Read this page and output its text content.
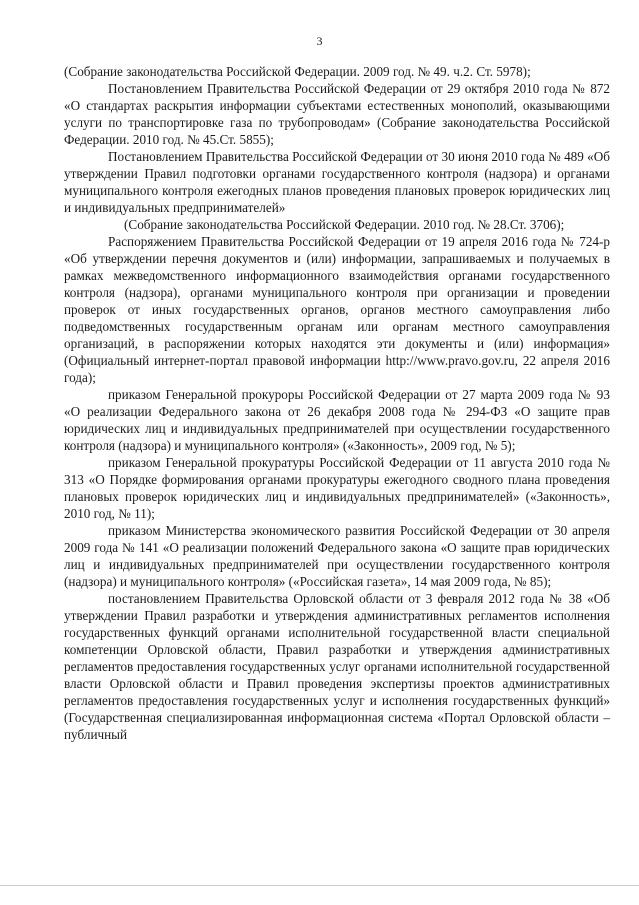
3

(Собрание законодательства Российской Федерации. 2009 год. № 49. ч.2. Ст. 5978);

Постановлением Правительства Российской Федерации от 29 октября 2010 года № 872 «О стандартах раскрытия информации субъектами естественных монополий, оказывающими услуги по транспортировке газа по трубопроводам» (Собрание законодательства Российской Федерации. 2010 год. № 45.Ст. 5855);

Постановлением Правительства Российской Федерации от 30 июня 2010 года № 489 «Об утверждении Правил подготовки органами государственного контроля (надзора) и органами муниципального контроля ежегодных планов проведения плановых проверок юридических лиц и индивидуальных предпринимателей»

(Собрание законодательства Российской Федерации. 2010 год. № 28.Ст. 3706);

Распоряжением Правительства Российской Федерации от 19 апреля 2016 года № 724-р «Об утверждении перечня документов и (или) информации, запрашиваемых и получаемых в рамках межведомственного информационного взаимодействия органами государственного контроля (надзора), органами муниципального контроля при организации и проведении проверок от иных государственных органов, органов местного самоуправления либо подведомственных государственным органам или органам местного самоуправления организаций, в распоряжении которых находятся эти документы и (или) информация» (Официальный интернет-портал правовой информации http://www.pravo.gov.ru, 22 апреля 2016 года);

приказом Генеральной прокуроры Российской Федерации от 27 марта 2009 года № 93 «О реализации Федерального закона от 26 декабря 2008 года № 294-ФЗ «О защите прав юридических лиц и индивидуальных предпринимателей при осуществлении государственного контроля (надзора) и муниципального контроля» («Законность», 2009 год, № 5);

приказом Генеральной прокуратуры Российской Федерации от 11 августа 2010 года № 313 «О Порядке формирования органами прокуратуры ежегодного сводного плана проведения плановых проверок юридических лиц и индивидуальных предпринимателей» («Законность», 2010 год, № 11);

приказом Министерства экономического развития Российской Федерации от 30 апреля 2009 года № 141 «О реализации положений Федерального закона «О защите прав юридических лиц и индивидуальных предпринимателей при осуществлении государственного контроля (надзора) и муниципального контроля» («Российская газета», 14 мая 2009 года, № 85);

постановлением Правительства Орловской области от 3 февраля 2012 года № 38 «Об утверждении Правил разработки и утверждения административных регламентов исполнения государственных функций органами исполнительной государственной власти специальной компетенции Орловской области, Правил разработки и утверждения административных регламентов предоставления государственных услуг органами исполнительной государственной власти Орловской области и Правил проведения экспертизы проектов административных регламентов предоставления государственных услуг и исполнения государственных функций» (Государственная специализированная информационная система «Портал Орловской области – публичный
